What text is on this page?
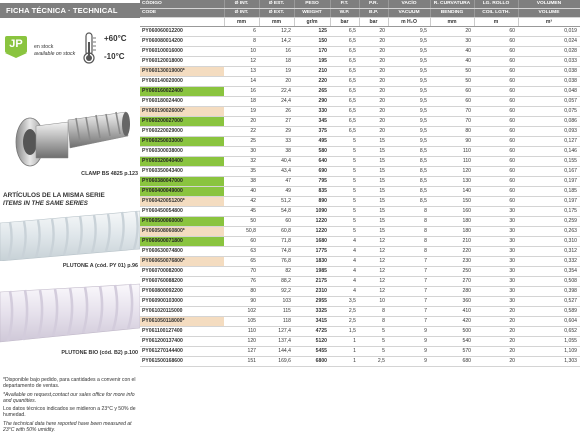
FICHA TÉCNICA · TECHNICAL DATA
JP	en stock
available on stock
+60°C
-10°C
CLAMP BS 4825 p.123
ARTÍCULOS DE LA MISMA SERIE
ITEMS IN THE SAME SERIES
PLUTONE A (cód. PY 01) p.96
PLUTONE BIO (cód. B2) p.100

*Disponible bajo pedido, para cantidades a convenir con el departamento de ventas.

*Available on request,contact our sales office for more info and quantities.

Los datos técnicos indicados se midieron a 23°C y 50% de humedad.

The technical data here reported have been measured at 23°C with 50% umidity.

CÓDIGO	Ø INT.	Ø EST.	PESO	P.T.	P.R.	VACÍO	R. CURVATURA	LG. ROLLO	VOLUMEN
CODE	Ø INT.	Ø EXT.	WEIGHT	W.P.	B.P.	VACUUM	BENDING	COIL LGTH.	VOLUME
	mm	mm	gr/m	bar	bar	m H₂O	mm	m	m³
PY060060012200	6	12,2	125	6,5	20	9,5	20	60	0,019
PY060080014200	8	14,2	150	6,5	20	9,5	30	60	0,024
PY060100016000	10	16	170	6,5	20	9,5	40	60	0,028
PY060120018000	12	18	195	6,5	20	9,5	40	60	0,033
PY060130019000*	13	19	210	6,5	20	9,5	50	60	0,038
PY060140020000	14	20	220	6,5	20	9,5	50	60	0,038
PY060160022400	16	22,4	265	6,5	20	9,5	60	60	0,048
PY060180024400	18	24,4	290	6,5	20	9,5	60	60	0,057
PY060190026000*	19	26	330	6,5	20	9,5	70	60	0,075
PY060200027000	20	27	345	6,5	20	9,5	70	60	0,086
PY060220029000	22	29	375	6,5	20	9,5	80	60	0,093
PY060250033000	25	33	495	5	15	9,5	90	60	0,127
PY060300038000	30	38	580	5	15	8,5	110	60	0,146
PY060320040400	32	40,4	640	5	15	8,5	110	60	0,155
PY060350043400	35	43,4	690	5	15	8,5	120	60	0,167
PY060380047000	38	47	795	5	15	8,5	130	60	0,197
PY060400049000	40	49	835	5	15	8,5	140	60	0,185
PY060420051200*	42	51,2	890	5	15	8,5	150	60	0,197
PY060450054800	45	54,8	1090	5	15	8	160	30	0,175
PY060500060000	50	60	1220	5	15	8	180	30	0,259
PY060508060800*	50,8	60,8	1220	5	15	8	180	30	0,263
PY060600071800	60	71,8	1680	4	12	8	210	30	0,310
PY060630074800	63	74,8	1775	4	12	8	220	30	0,312
PY060650076800*	65	76,8	1830	4	12	7	230	30	0,332
PY060700082000	70	82	1985	4	12	7	250	30	0,354
PY060760088200	76	88,2	2175	4	12	7	270	30	0,508
PY060800092200	80	92,2	2310	4	12	7	280	30	0,398
PY060900103000	90	103	2955	3,5	10	7	360	30	0,527
PY061020115000	102	115	3325	2,5	8	7	410	20	0,589
PY061050118000*	105	118	3415	2,5	8	7	420	20	0,604
PY061100127400	110	127,4	4725	1,5	5	9	500	20	0,652
PY061200137400	120	137,4	5120	1	5	9	540	20	1,055
PY061270144400	127	144,4	5455	1	5	9	570	20	1,109
PY061500168600	151	169,6	6800	1	2,5	9	680	20	1,303
